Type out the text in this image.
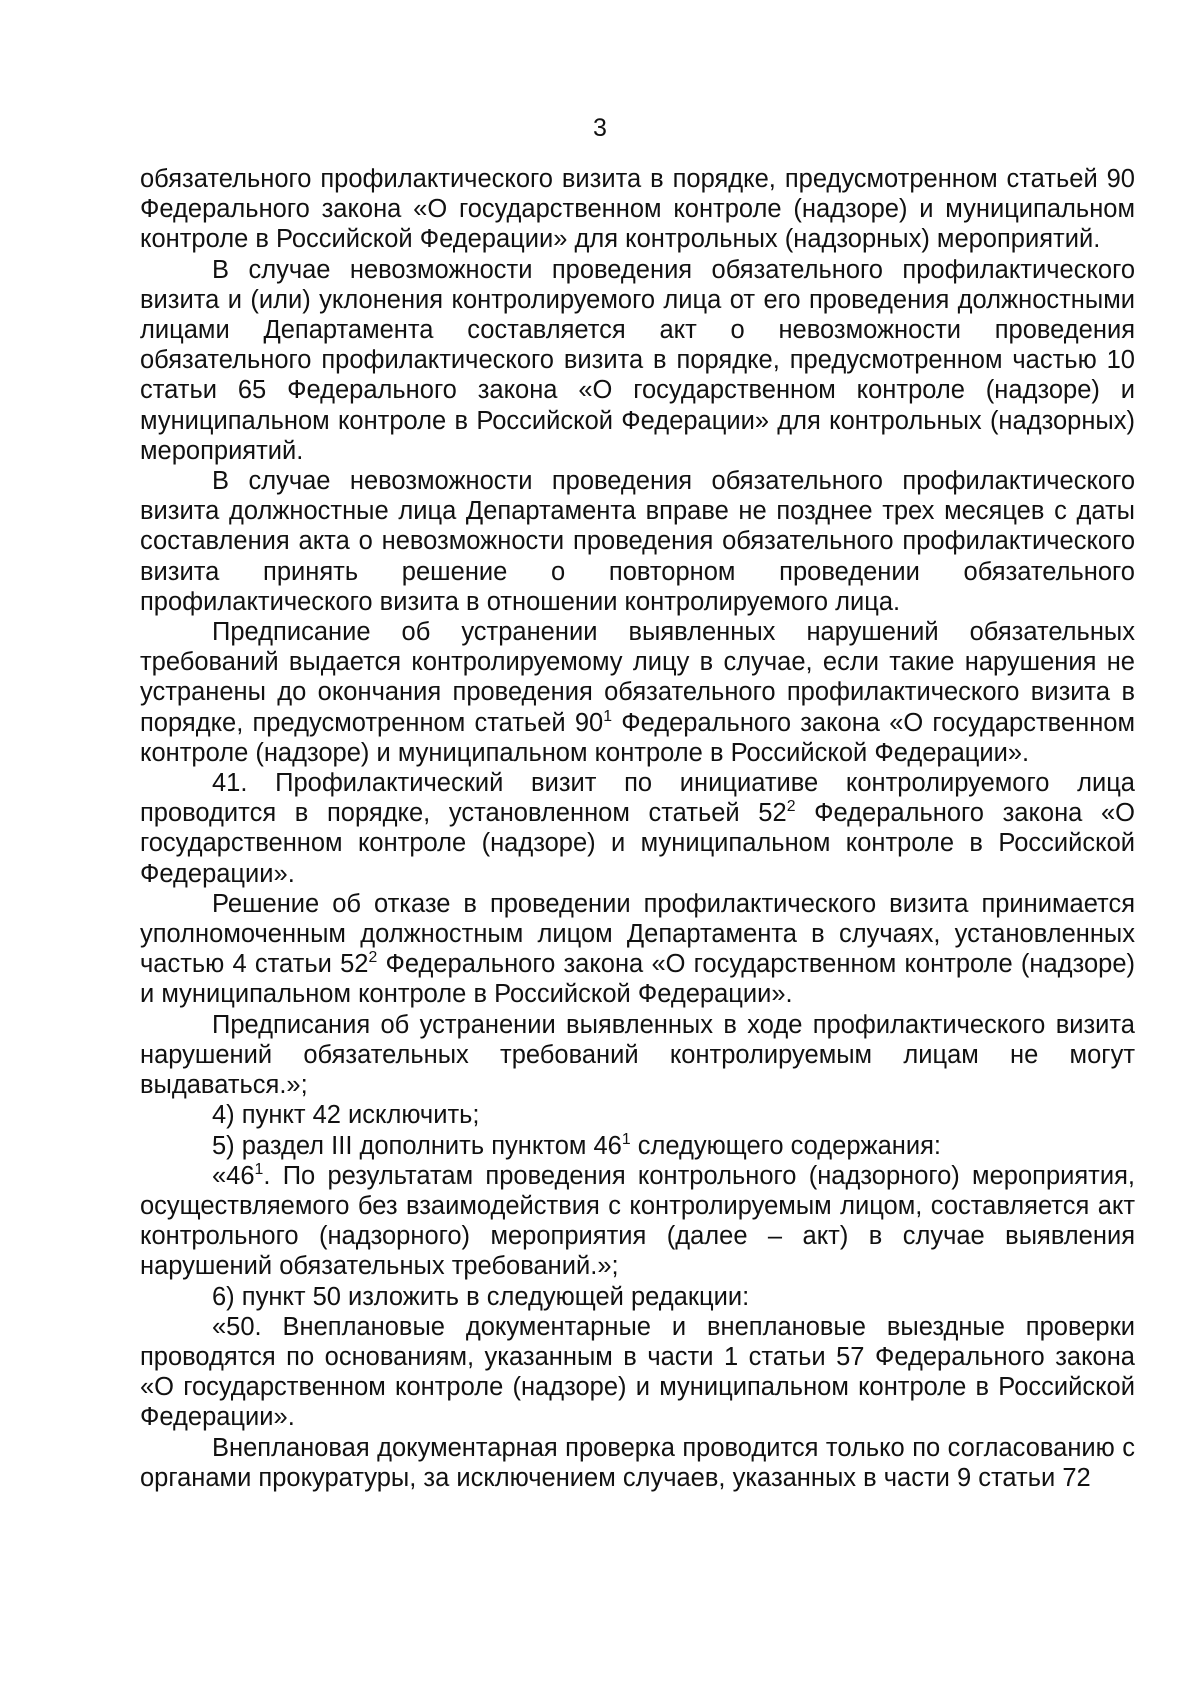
3

обязательного профилактического визита в порядке, предусмотренном статьей 90 Федерального закона «О государственном контроле (надзоре) и муниципальном контроле в Российской Федерации» для контрольных (надзорных) мероприятий.

В случае невозможности проведения обязательного профилактического визита и (или) уклонения контролируемого лица от его проведения должностными лицами Департамента составляется акт о невозможности проведения обязательного профилактического визита в порядке, предусмотренном частью 10 статьи 65 Федерального закона «О государственном контроле (надзоре) и муниципальном контроле в Российской Федерации» для контрольных (надзорных) мероприятий.

В случае невозможности проведения обязательного профилактического визита должностные лица Департамента вправе не позднее трех месяцев с даты составления акта о невозможности проведения обязательного профилактического визита принять решение о повторном проведении обязательного профилактического визита в отношении контролируемого лица.

Предписание об устранении выявленных нарушений обязательных требований выдается контролируемому лицу в случае, если такие нарушения не устранены до окончания проведения обязательного профилактического визита в порядке, предусмотренном статьей $90^1$ Федерального закона «О государственном контроле (надзоре) и муниципальном контроле в Российской Федерации».

41. Профилактический визит по инициативе контролируемого лица проводится в порядке, установленном статьей $52^2$ Федерального закона «О государственном контроле (надзоре) и муниципальном контроле в Российской Федерации».

Решение об отказе в проведении профилактического визита принимается уполномоченным должностным лицом Департамента в случаях, установленных частью 4 статьи $52^2$ Федерального закона «О государственном контроле (надзоре) и муниципальном контроле в Российской Федерации».

Предписания об устранении выявленных в ходе профилактического визита нарушений обязательных требований контролируемым лицам не могут выдаваться.»;

4) пункт 42 исключить;

5) раздел III дополнить пунктом $46^1$ следующего содержания:

«$46^1$. По результатам проведения контрольного (надзорного) мероприятия, осуществляемого без взаимодействия с контролируемым лицом, составляется акт контрольного (надзорного) мероприятия (далее – акт) в случае выявления нарушений обязательных требований.»;

6) пункт 50 изложить в следующей редакции:

«50. Внеплановые документарные и внеплановые выездные проверки проводятся по основаниям, указанным в части 1 статьи 57 Федерального закона «О государственном контроле (надзоре) и муниципальном контроле в Российской Федерации».

Внеплановая документарная проверка проводится только по согласованию с органами прокуратуры, за исключением случаев, указанных в части 9 статьи 72
